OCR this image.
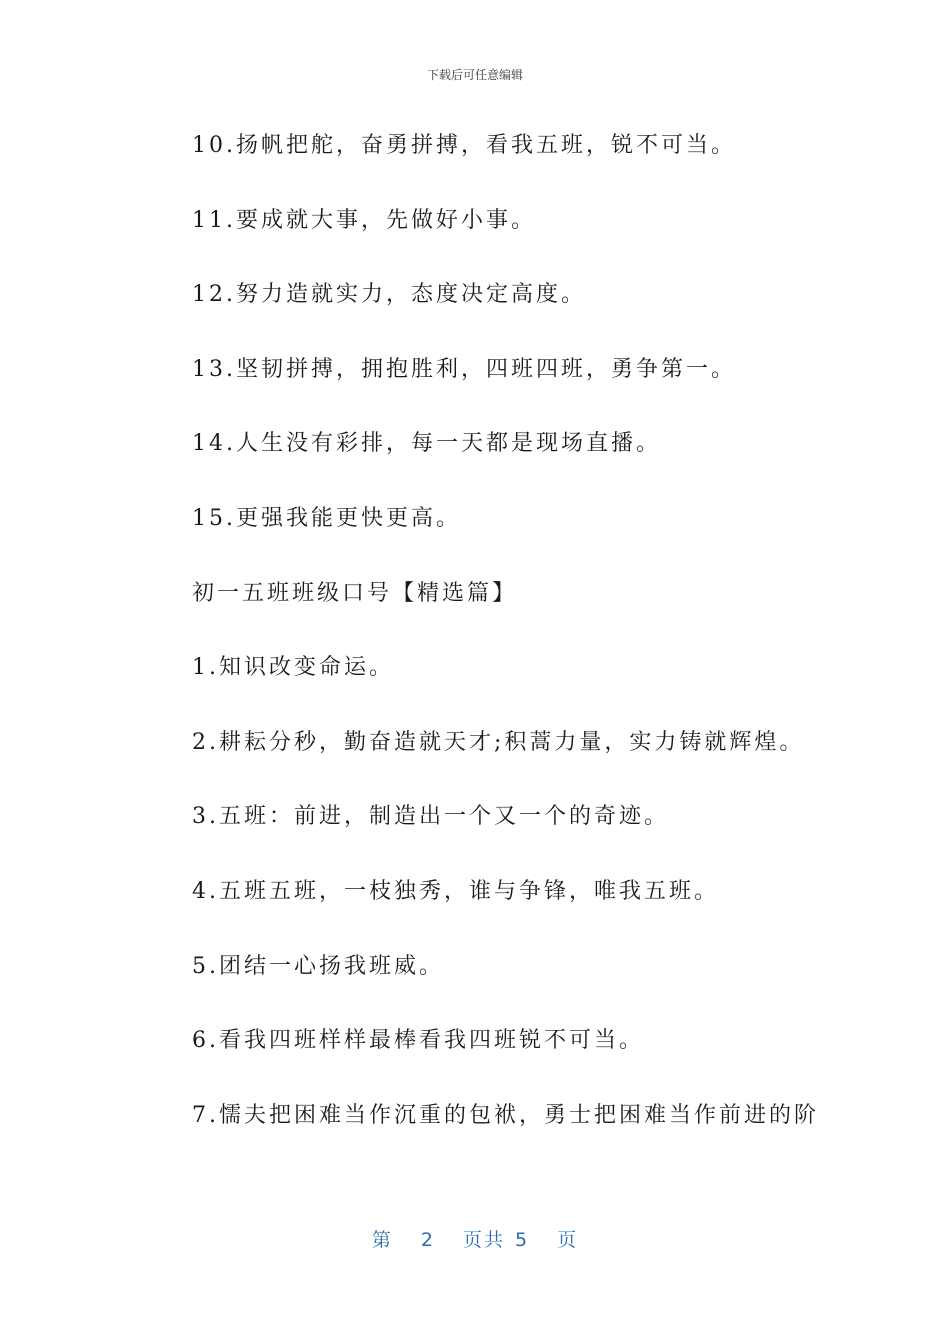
下载后可任意编辑
10.扬帆把舵，奋勇拼搏，看我五班，锐不可当。
11.要成就大事，先做好小事。
12.努力造就实力，态度决定高度。
13.坚韧拼搏，拥抱胜利，四班四班，勇争第一。
14.人生没有彩排，每一天都是现场直播。
15.更强我能更快更高。
初一五班班级口号【精选篇】
1.知识改变命运。
2.耕耘分秒，勤奋造就天才;积蒿力量，实力铸就辉煌。
3.五班：前进，制造出一个又一个的奇迹。
4.五班五班，一枝独秀，谁与争锋，唯我五班。
5.团结一心扬我班威。
6.看我四班样样最棒看我四班锐不可当。
7.懦夫把困难当作沉重的包袱，勇士把困难当作前进的阶
第 2 页共 5 页
